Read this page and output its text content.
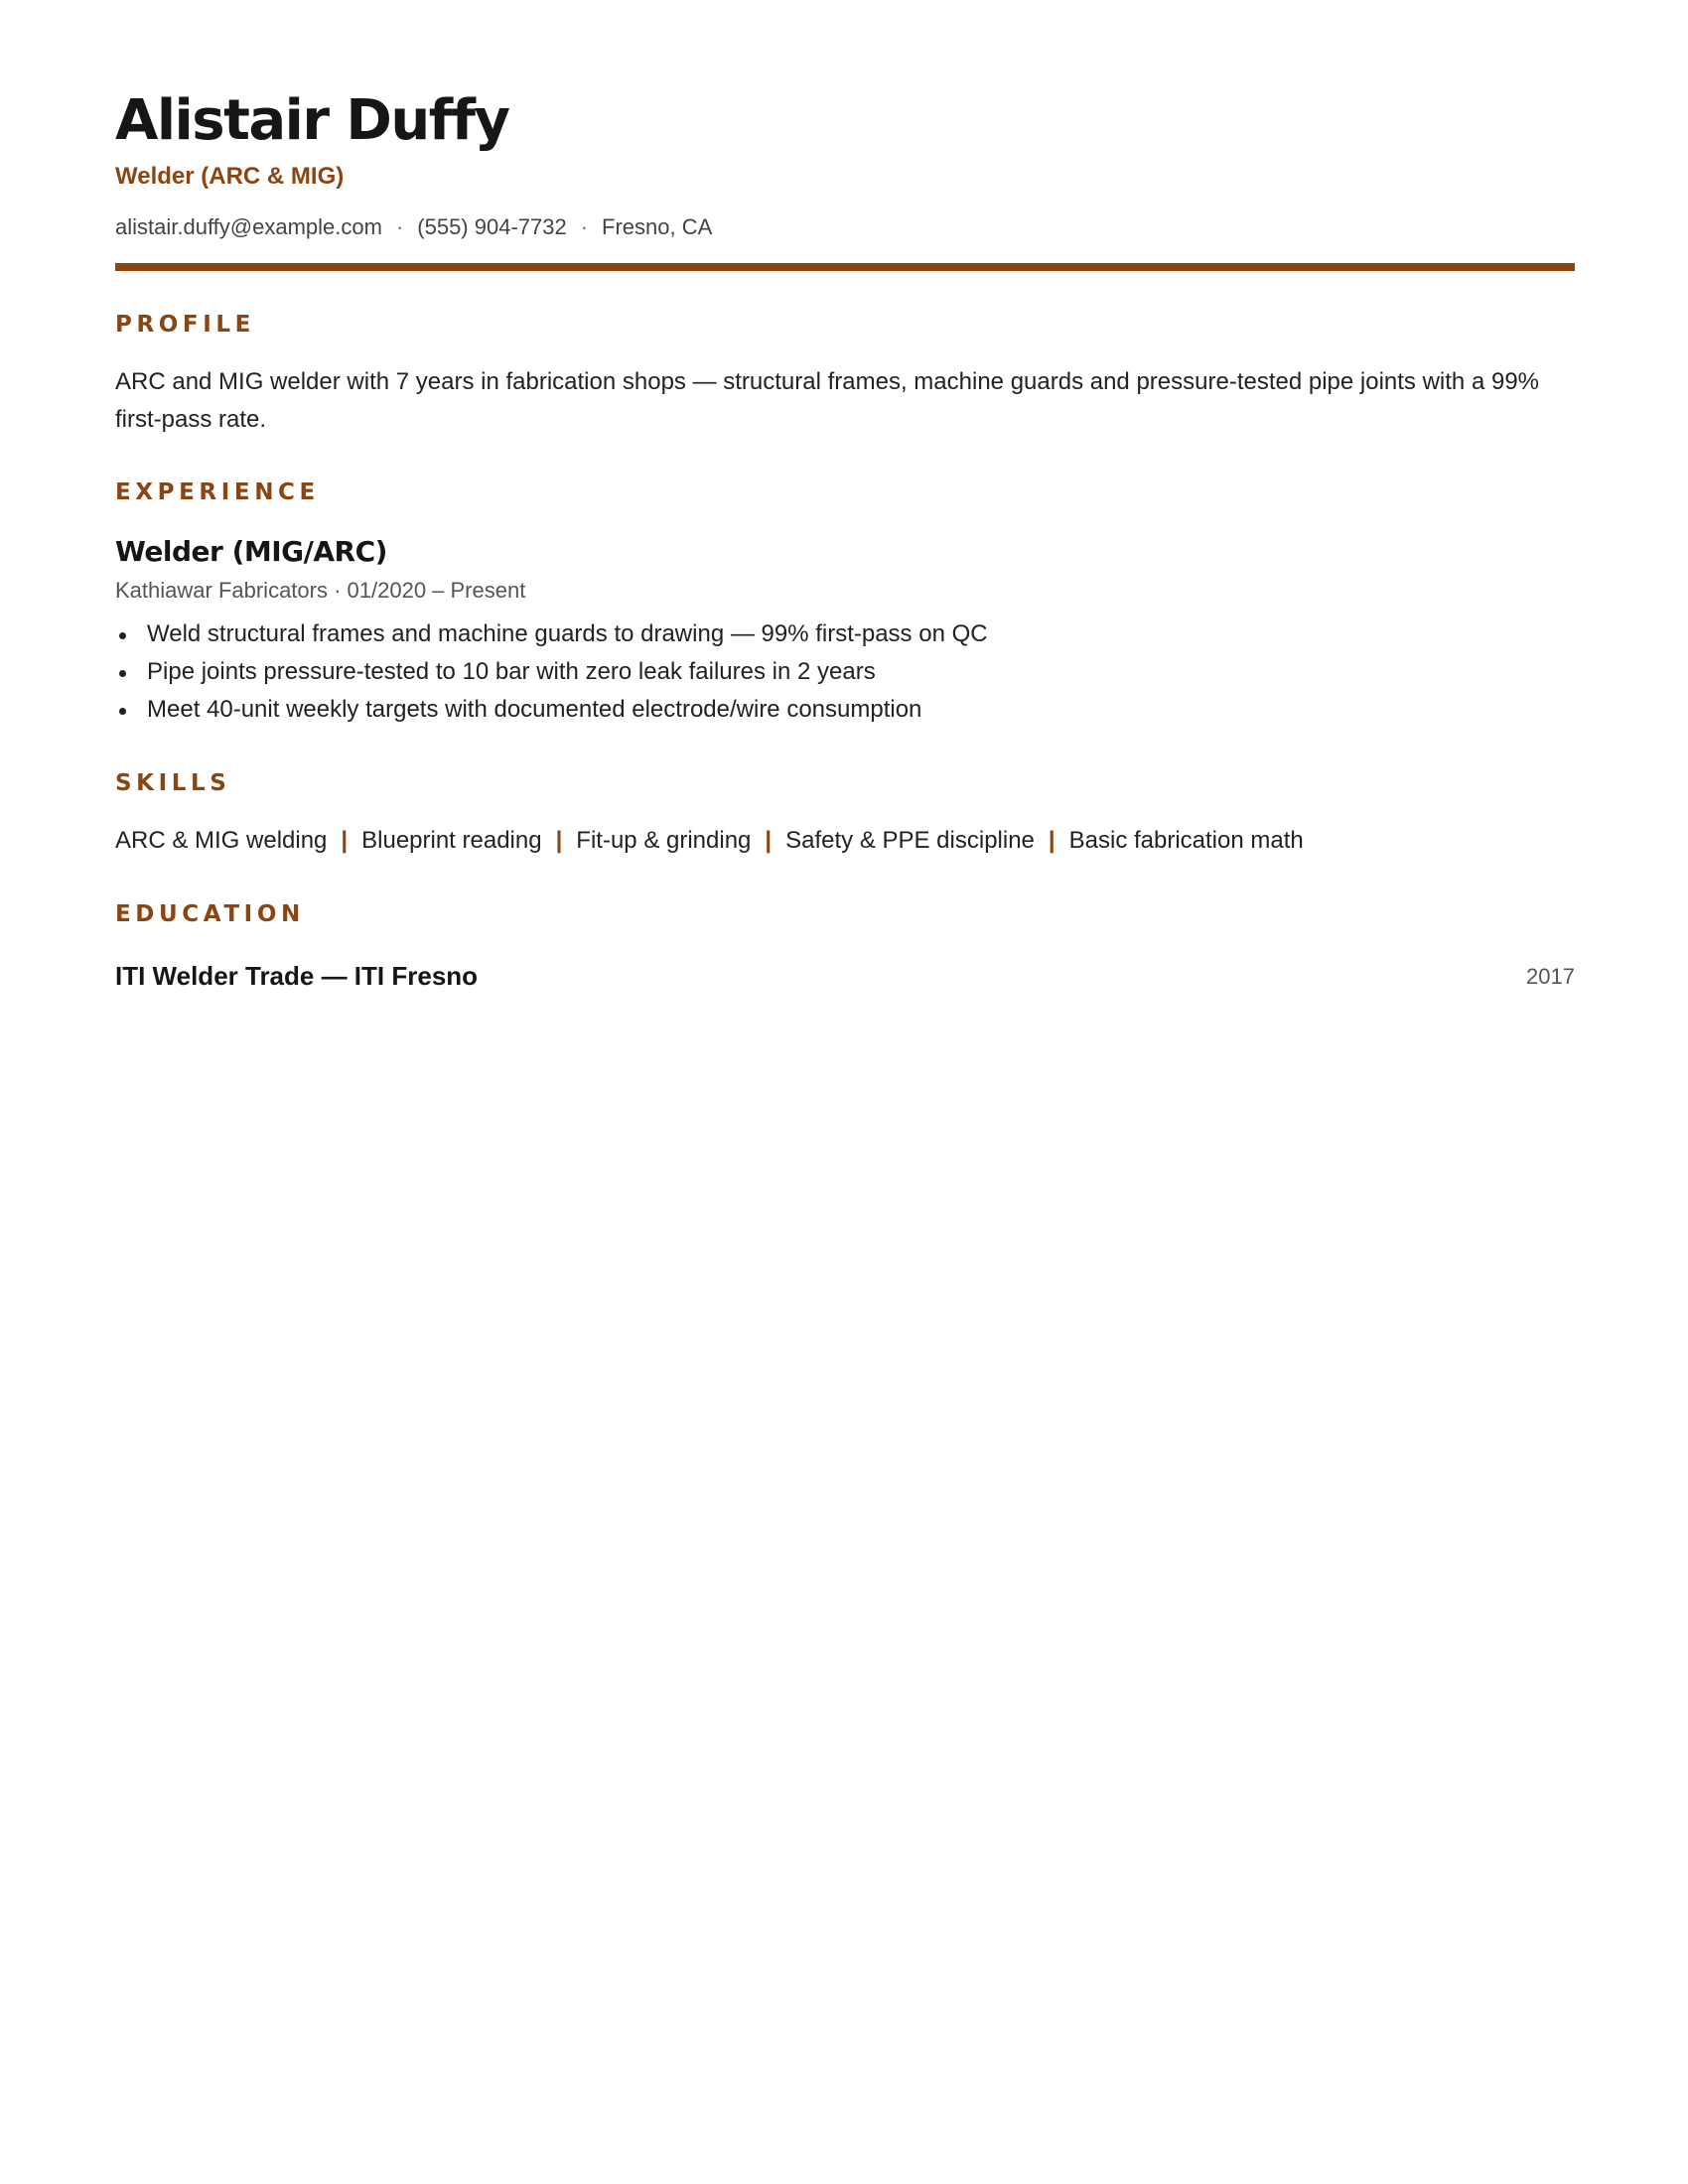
Alistair Duffy
Welder (ARC & MIG)
alistair.duffy@example.com · (555) 904-7732 · Fresno, CA
PROFILE

ARC and MIG welder with 7 years in fabrication shops — structural frames, machine guards and pressure-tested pipe joints with a 99% first-pass rate.

EXPERIENCE
Welder (MIG/ARC)
Kathiawar Fabricators · 01/2020 – Present
Weld structural frames and machine guards to drawing — 99% first-pass on QC
Pipe joints pressure-tested to 10 bar with zero leak failures in 2 years
Meet 40-unit weekly targets with documented electrode/wire consumption
SKILLS
ARC & MIG welding | Blueprint reading | Fit-up & grinding | Safety & PPE discipline | Basic fabrication math
EDUCATION
ITI Welder Trade — ITI Fresno	2017
